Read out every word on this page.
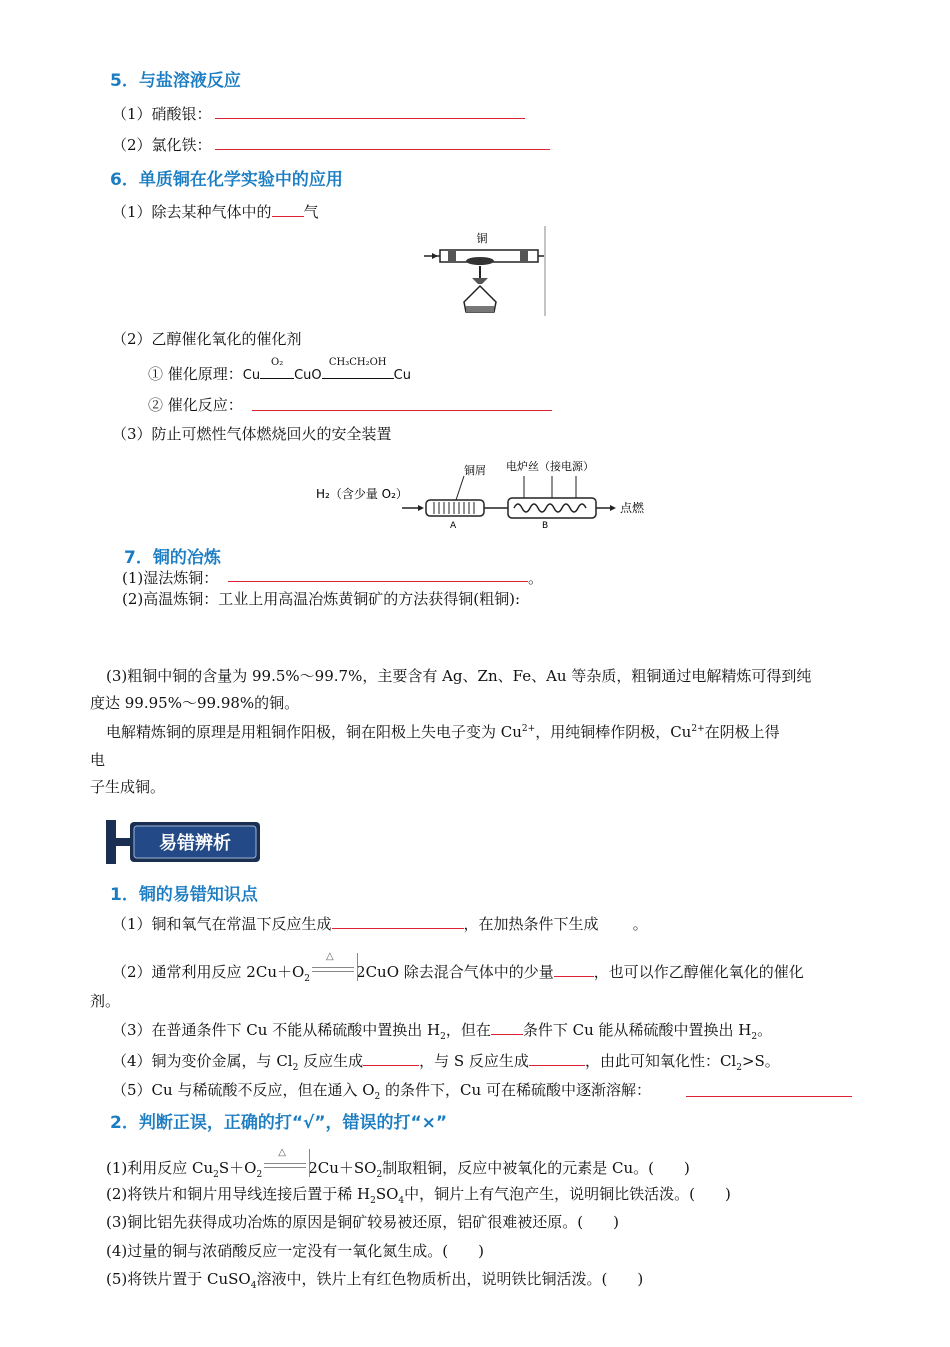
5．与盐溶液反应
（1）硝酸银：
（2）氯化铁：
6．单质铜在化学实验中的应用
（1）除去某种气体中的 气
铜
（2）乙醇催化氧化的催化剂
① 催化原理：Cu
O₂
CuO
CH₃CH₂OH
Cu
② 催化反应：
（3）防止可燃性气体燃烧回火的安全装置
H₂（含少量 O₂）
铜屑 电炉丝（接电源）
点燃
A	B
7．铜的冶炼
(1)湿法炼铜：	。
(2)高温炼铜：工业上用高温冶炼黄铜矿的方法获得铜(粗铜):
(3)粗铜中铜的含量为 99.5%～99.7%，主要含有 Ag、Zn、Fe、Au 等杂质，粗铜通过电解精炼可得到纯
度达 99.95%～99.98%的铜。
电解精炼铜的原理是用粗铜作阳极，铜在阳极上失电子变为 $Cu^{2+}$，用纯铜棒作阴极，$Cu^{2+}$在阴极上得
电
子生成铜。
易错辨析
1．铜的易错知识点
（1）铜和氧气在常温下反应生成	，在加热条件下生成 。
（2）通常利用反应 $2Cu+O_2$
△
2CuO 除去混合气体中的少量	，也可以作乙醇催化氧化的催化
剂。
（3）在普通条件下 Cu 不能从稀硫酸中置换出 $H_2$，但在 条件下 Cu 能从稀硫酸中置换出 $H_2$。
（4）铜为变价金属，与 $Cl_2$ 反应生成	，与 S 反应生成	，由此可知氧化性：$Cl_2>S$。
（5）Cu 与稀硫酸不反应，但在通入 $O_2$ 的条件下，Cu 可在稀硫酸中逐渐溶解：
2．判断正误，正确的打“√”，错误的打“×”
(1)利用反应 $Cu_2S+O_2$
△
$2Cu+SO_2$制取粗铜，反应中被氧化的元素是 Cu。(　　)
(2)将铁片和铜片用导线连接后置于稀 $H_2SO_4$中，铜片上有气泡产生，说明铜比铁活泼。(　　)
(3)铜比铝先获得成功冶炼的原因是铜矿较易被还原，铝矿很难被还原。(　　)
(4)过量的铜与浓硝酸反应一定没有一氧化氮生成。(　　)
(5)将铁片置于 CuSO$_4$溶液中，铁片上有红色物质析出，说明铁比铜活泼。(　　)
